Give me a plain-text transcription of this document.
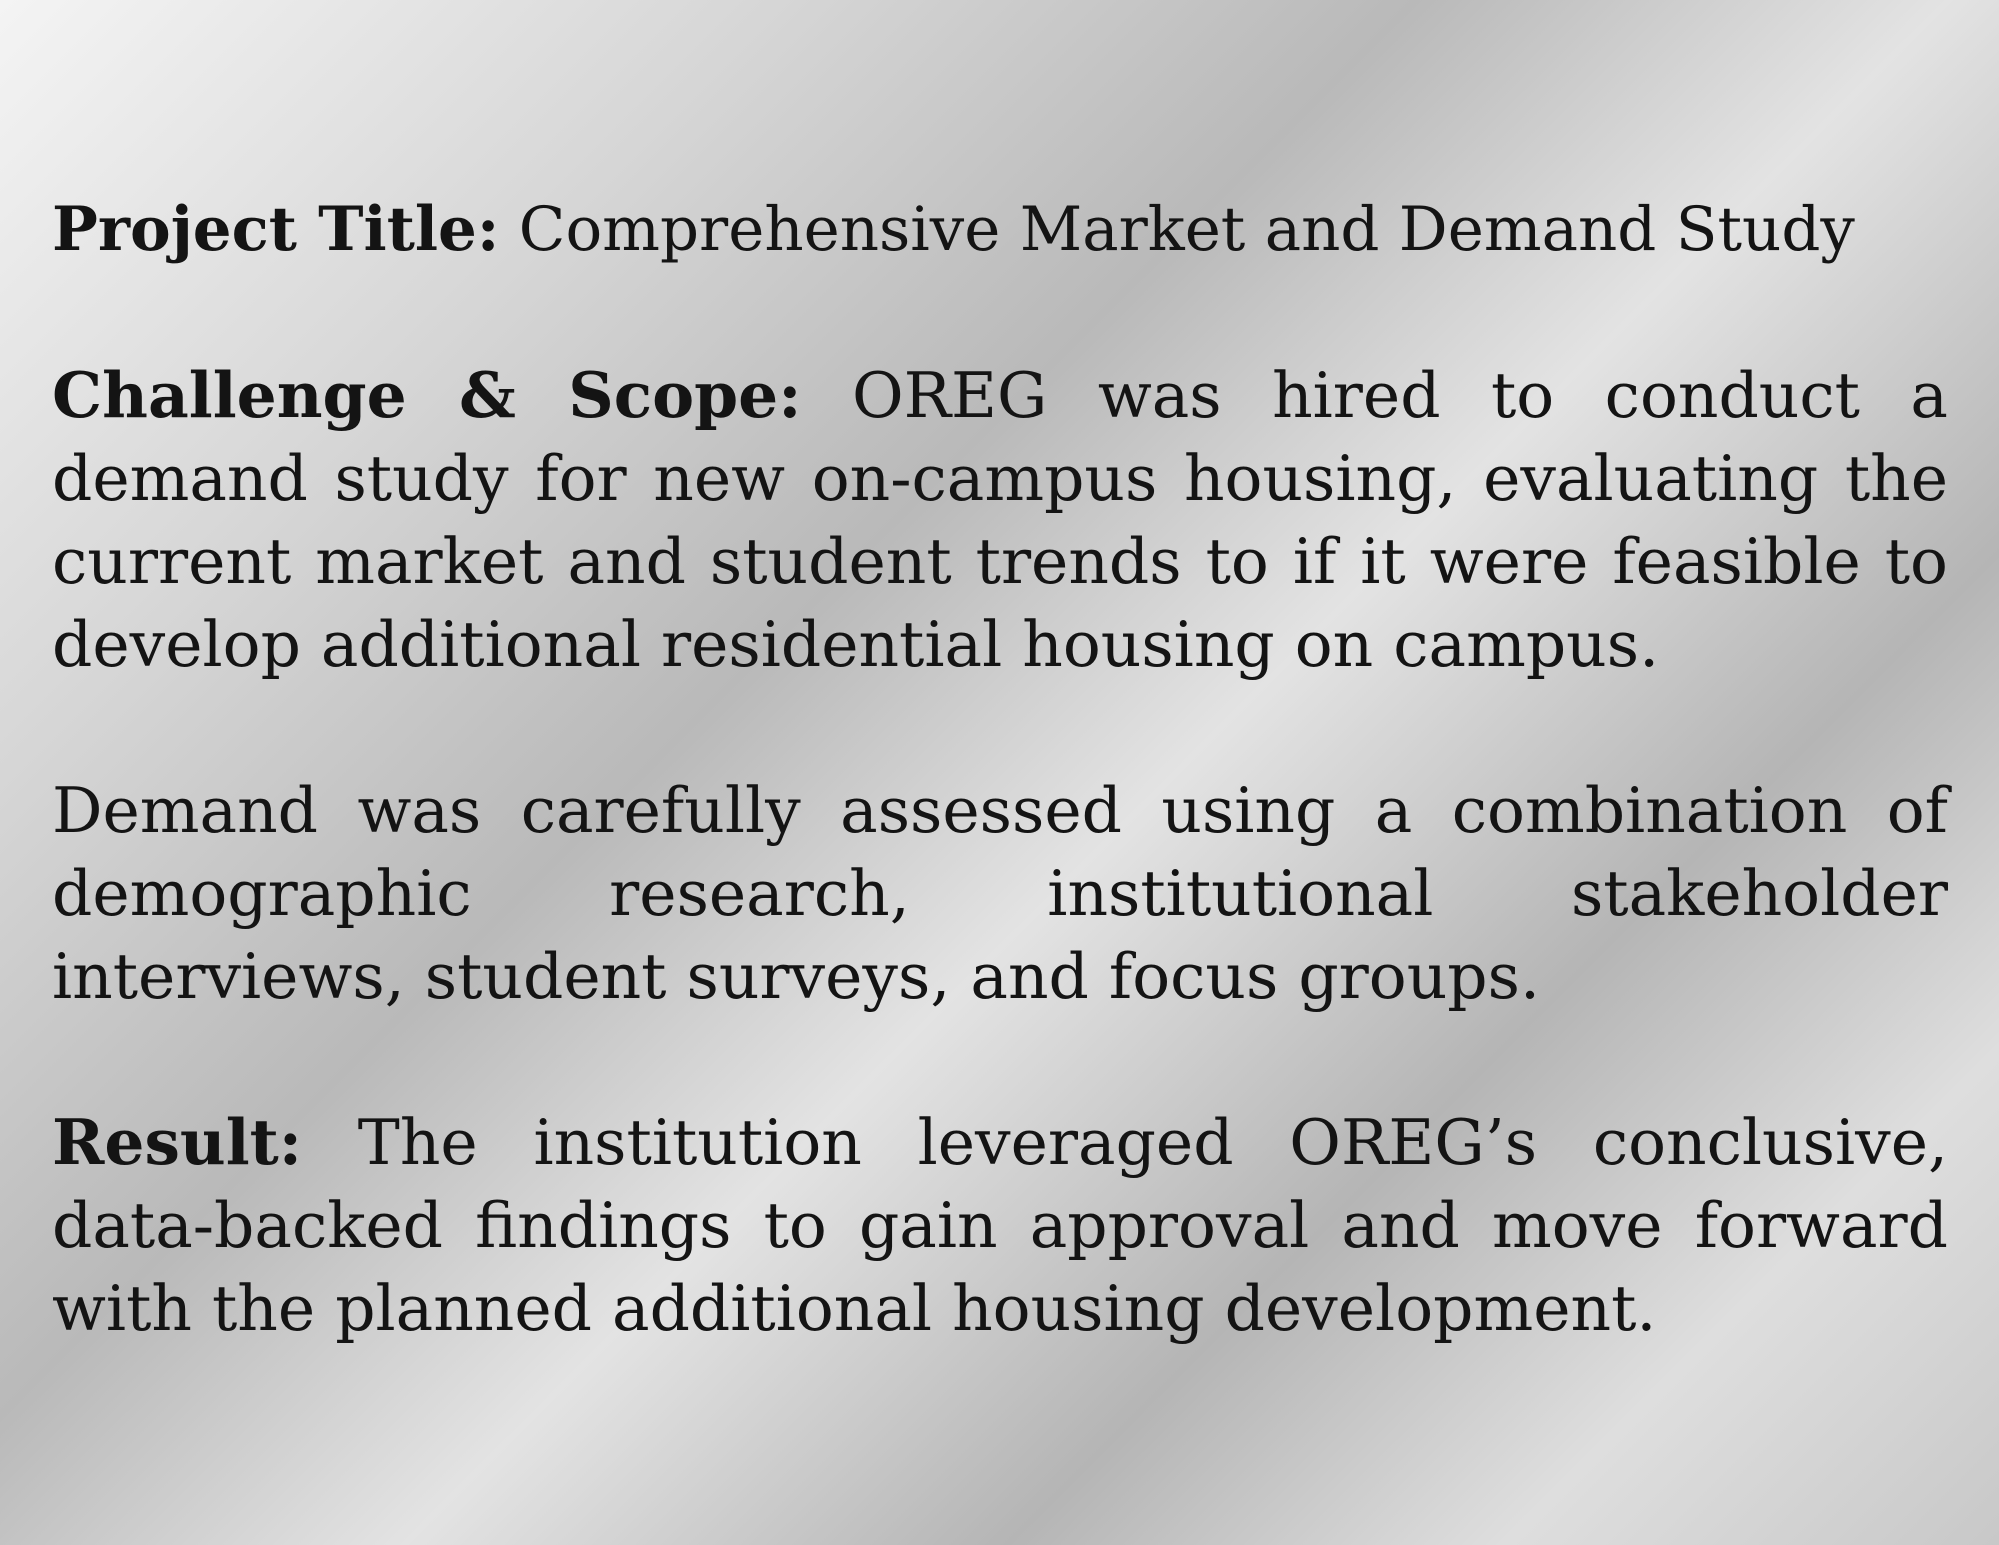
Project Title: Comprehensive Market and Demand Study

Challenge & Scope: OREG was hired to conduct a demand study for new on-campus housing, evaluating the current market and student trends to if it were feasible to develop additional residential housing on campus.

Demand was carefully assessed using a combination of demographic research, institutional stakeholder interviews, student surveys, and focus groups.

Result: The institution leveraged OREG’s conclusive, data-backed findings to gain approval and move forward with the planned additional housing development.
